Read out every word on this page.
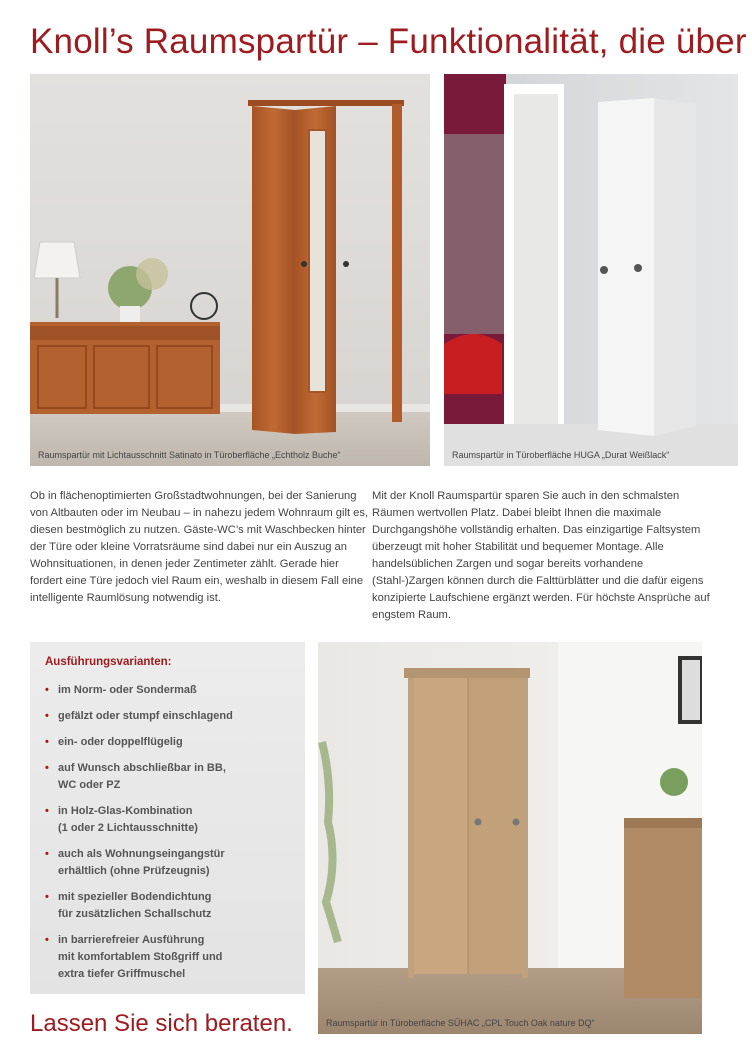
Knoll’s Raumspartür – Funktionalität, die über
Raumspartür mit Lichtausschnitt Satinato in Türoberfläche „Echtholz Buche“	Raumspartür in Türoberfläche HUGA „Durat Weißlack“

Ob in flächenoptimierten Großstadtwohnungen, bei der Sanierung von Altbauten oder im Neubau – in nahezu jedem Wohnraum gilt es, diesen bestmöglich zu nutzen. Gäste-WC’s mit Waschbecken hinter der Türe oder kleine Vorratsräume sind dabei nur ein Auszug an Wohnsituationen, in denen jeder Zentimeter zählt. Gerade hier fordert eine Türe jedoch viel Raum ein, weshalb in diesem Fall eine intelligente Raumlösung notwendig ist.

Mit der Knoll Raumspartür sparen Sie auch in den schmalsten Räumen wertvollen Platz. Dabei bleibt Ihnen die maximale Durchgangshöhe vollständig erhalten. Das einzigartige Faltsystem überzeugt mit hoher Stabilität und bequemer Montage. Alle handelsüblichen Zargen und sogar bereits vorhandene (Stahl-)Zargen können durch die Falttürblätter und die dafür eigens konzipierte Laufschiene ergänzt werden. Für höchste Ansprüche auf engstem Raum.

Ausführungsvarianten:
• im Norm- oder Sondermaß
• gefälzt oder stumpf einschlagend
• ein- oder doppelflügelig
• auf Wunsch abschließbar in BB,
WC oder PZ
• in Holz-Glas-Kombination
(1 oder 2 Lichtausschnitte)
• auch als Wohnungseingangstür
erhältlich (ohne Prüfzeugnis)
• mit spezieller Bodendichtung
für zusätzlichen Schallschutz
• in barrierefreier Ausführung
mit komfortablem Stoßgriff und
extra tiefer Griffmuschel
Raumspartür in Türoberfläche SÜHAC „CPL Touch Oak nature DQ“
Lassen Sie sich beraten.
